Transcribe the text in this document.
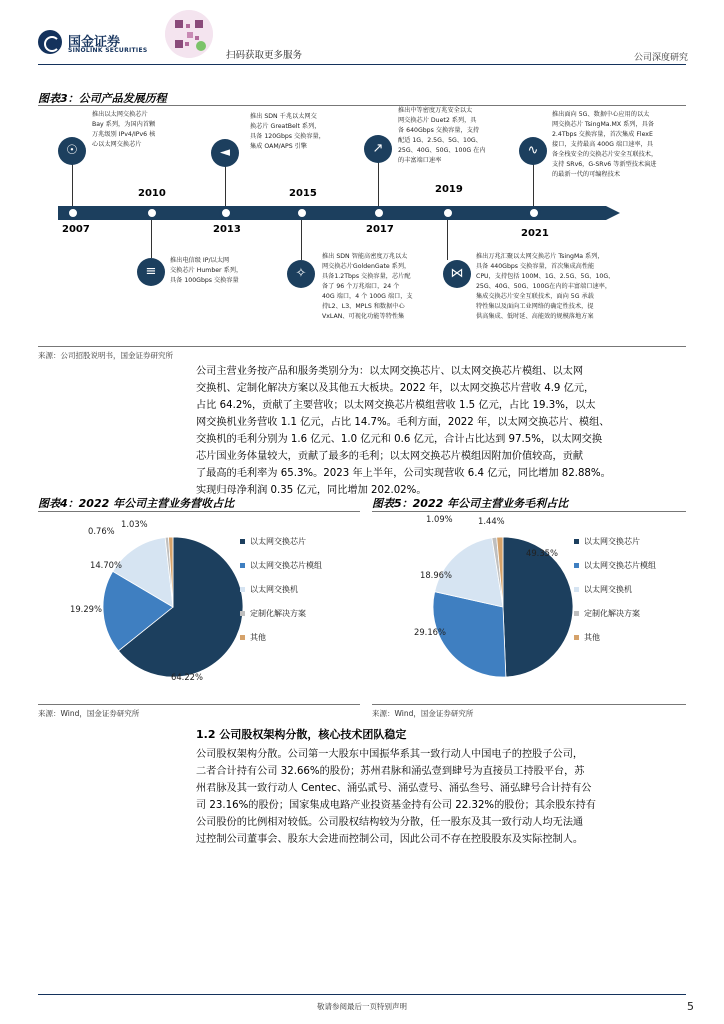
国金证券
SINOLINK SECURITIES	扫码获取更多服务	公司深度研究
图表3：公司产品发展历程
2007
2010
2013
2015
2017
2019
2021
☉	◄	↗	∿
≡	✧	⋈
推出以太网交换芯片
Bay 系列，为国内首颗
万兆级别 IPv4/IPv6 核
心以太网交换芯片
推出 SDN 千兆以太网交
换芯片 GreatBelt 系列，
具备 120Gbps 交换容量，
集成 OAM/APS 引擎
推出中等密度万兆安全以太
网交换芯片 Duet2 系列，具
备 640Gbps 交换容量，支持
配适 1G、2.5G、5G、10G、
25G、40G、50G、100G 在内
的丰富端口速率
推出面向 5G、数据中心应用的以太
网交换芯片 TsingMa.MX 系列，具备
2.4Tbps 交换容量，首次集成 FlexE
接口，支持最高 400G 端口速率，具
备全栈安全的交换芯片安全互联技术，
支持 SRv6，G-SRv6 等新型技术演进
的最新一代的可编程技术
推出电信级 IP/以太网
交换芯片 Humber 系列，
具备 100Gbps 交换容量
推出 SDN 智能高密度万兆以太
网交换芯片GoldenGate 系列，
具备1.2Tbps 交换容量，芯片配
备了 96 个万兆端口，24 个
40G 端口，4 个 100G 端口，支
持L2、L3、MPLS 和数据中心
VxLAN、可视化功能等特性集
推出万兆汇聚以太网交换芯片 TsingMa 系列，
具备 440Gbps 交换容量，首次集成高性能
CPU，支持包括 100M、1G、2.5G、5G、10G、
25G、40G、50G、100G在内的丰富端口速率，
集成交换芯片安全互联技术，面向 5G 承载
特性集以及面向工业网络的确定性技术，提
供高集成、低时延、高能效的规模落地方案
来源：公司招股说明书，国金证券研究所
公司主营业务按产品和服务类别分为：以太网交换芯片、以太网交换芯片模组、以太网
交换机、定制化解决方案以及其他五大板块。2022 年，以太网交换芯片营收 4.9 亿元，
占比 64.2%，贡献了主要营收；以太网交换芯片模组营收 1.5 亿元，占比 19.3%，以太
网交换机业务营收 1.1 亿元，占比 14.7%。毛利方面，2022 年，以太网交换芯片、模组、
交换机的毛利分别为 1.6 亿元、1.0 亿元和 0.6 亿元，合计占比达到 97.5%，以太网交换
芯片国业务体量较大，贡献了最多的毛利；以太网交换芯片模组因附加价值较高，贡献
了最高的毛利率为 65.3%。2023 年上半年，公司实现营收 6.4 亿元，同比增加 82.88%。
实现归母净利润 0.35 亿元，同比增加 202.02%。
图表4：2022 年公司主营业务营收占比
64.22%
19.29%
14.70%
0.76%
1.03%
以太网交换芯片
以太网交换芯片模组
以太网交换机
定制化解决方案
其他
来源：Wind，国金证券研究所
图表5：2022 年公司主营业务毛利占比
49.35%
29.16%
18.96%
1.09%	1.44%
以太网交换芯片
以太网交换芯片模组
以太网交换机
定制化解决方案
其他
来源：Wind，国金证券研究所
1.2 公司股权架构分散，核心技术团队稳定
公司股权架构分散。公司第一大股东中国振华系其一致行动人中国电子的控股子公司，
二者合计持有公司 32.66%的股份；苏州君脉和涌弘壹到肆号为直接员工持股平台，苏
州君脉及其一致行动人 Centec、涌弘贰号、涌弘壹号、涌弘叁号、涌弘肆号合计持有公
司 23.16%的股份；国家集成电路产业投资基金持有公司 22.32%的股份；其余股东持有
公司股份的比例相对较低。公司股权结构较为分散，任一股东及其一致行动人均无法通
过控制公司董事会、股东大会进而控制公司，因此公司不存在控股股东及实际控制人。
敬请参阅最后一页特别声明	5
